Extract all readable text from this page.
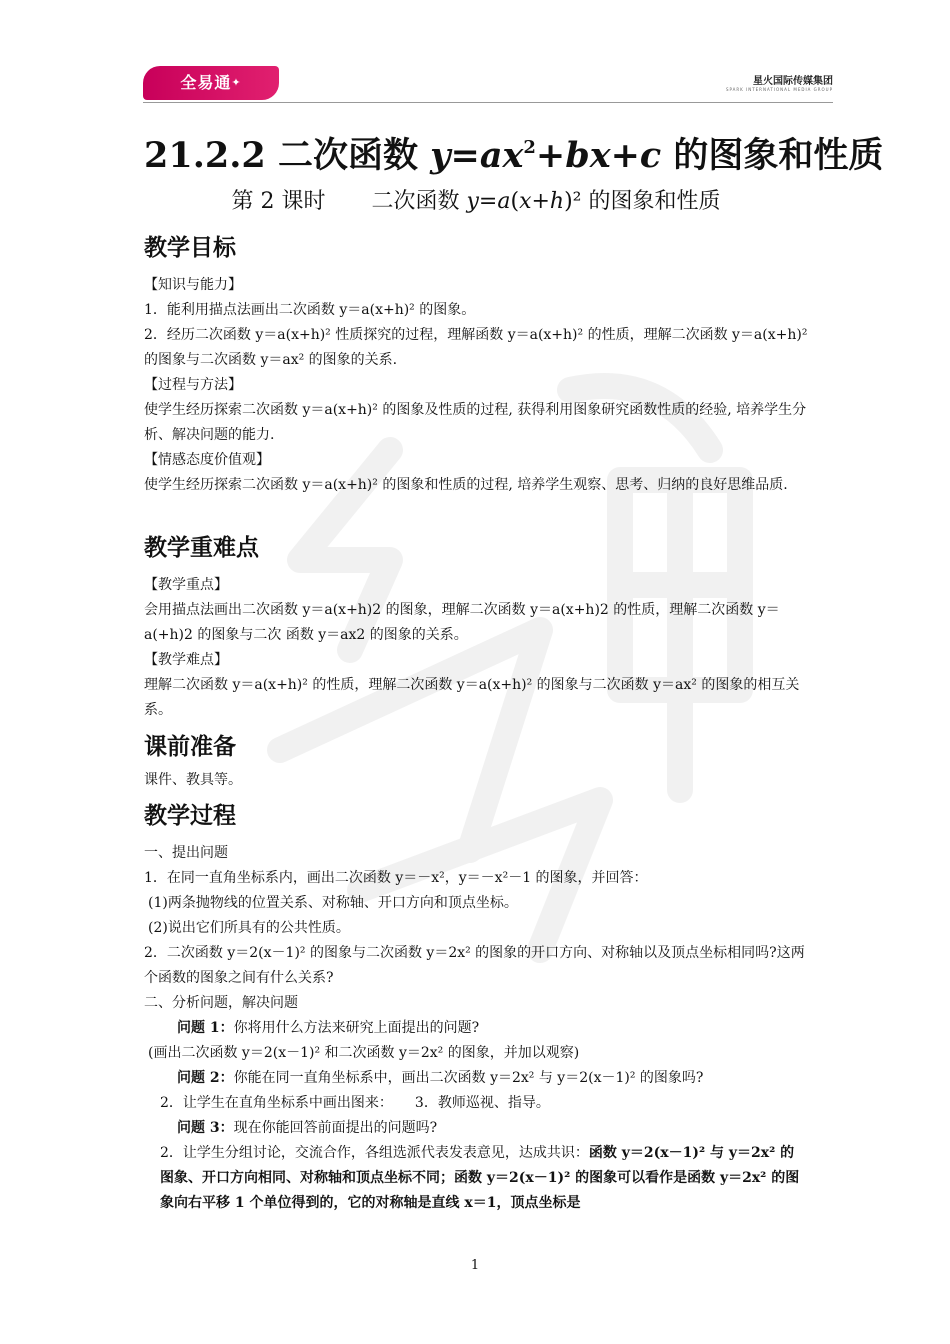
全易通✦	星火国际传媒集团
SPARK INTERNATIONAL MEDIA GROUP
21.2.2 二次函数 $y=ax^2+bx+c$ 的图象和性质
第 2 课时 二次函数 y=a(x+h)² 的图象和性质
教学目标

【知识与能力】

1．能利用描点法画出二次函数 y＝a(x+h)² 的图象。

2．经历二次函数 y＝a(x+h)² 性质探究的过程，理解函数 y＝a(x+h)² 的性质，理解二次函数 y＝a(x+h)² 的图象与二次函数 y＝ax² 的图象的关系.

【过程与方法】

使学生经历探索二次函数 y＝a(x+h)² 的图象及性质的过程, 获得利用图象研究函数性质的经验, 培养学生分析、解决问题的能力.

【情感态度价值观】

使学生经历探索二次函数 y＝a(x+h)² 的图象和性质的过程, 培养学生观察、思考、归纳的良好思维品质.

教学重难点

【教学重点】

会用描点法画出二次函数 y＝a(x+h)2 的图象，理解二次函数 y＝a(x+h)2 的性质，理解二次函数 y＝a(+h)2 的图象与二次 函数 y＝ax2 的图象的关系。

【教学难点】

理解二次函数 y＝a(x+h)² 的性质，理解二次函数 y＝a(x+h)² 的图象与二次函数 y＝ax² 的图象的相互关系。

课前准备

课件、教具等。

教学过程

一、提出问题

1．在同一直角坐标系内，画出二次函数 y＝－x²，y＝－x²－1 的图象，并回答：

(1)两条抛物线的位置关系、对称轴、开口方向和顶点坐标。

(2)说出它们所具有的公共性质。

2．二次函数 y＝2(x－1)² 的图象与二次函数 y＝2x² 的图象的开口方向、对称轴以及顶点坐标相同吗?这两个函数的图象之间有什么关系?

二、分析问题，解决问题

问题 1：你将用什么方法来研究上面提出的问题?

(画出二次函数 y＝2(x－1)² 和二次函数 y＝2x² 的图象，并加以观察)

问题 2：你能在同一直角坐标系中，画出二次函数 y＝2x² 与 y＝2(x－1)² 的图象吗?

2．让学生在直角坐标系中画出图来： 3．教师巡视、指导。

问题 3：现在你能回答前面提出的问题吗?

2．让学生分组讨论，交流合作，各组选派代表发表意见，达成共识：函数 y＝2(x－1)² 与 y＝2x² 的图象、开口方向相同、对称轴和顶点坐标不同；函数 y＝2(x－1)² 的图象可以看作是函数 y＝2x² 的图象向右平移 1 个单位得到的，它的对称轴是直线 x＝1，顶点坐标是

1
